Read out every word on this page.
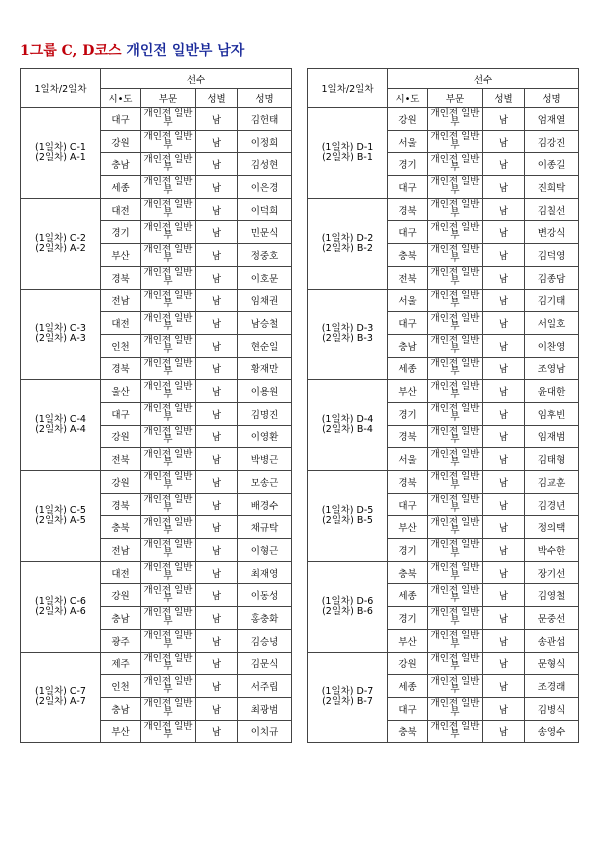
1그룹 C, D코스 개인전 일반부 남자
1일차/2일차	선수			
	시•도	부문	성별	성명

(1일차) C-1
(2일차) A-1	대구	개인전 일반부	남	김헌태
	강원	개인전 일반부	남	이정희
	충남	개인전 일반부	남	김성현
	세종	개인전 일반부	남	이은경

(1일차) C-2
(2일차) A-2	대전	개인전 일반부	남	이덕희
	경기	개인전 일반부	남	민문식
	부산	개인전 일반부	남	정중호
	경북	개인전 일반부	남	이호문

(1일차) C-3
(2일차) A-3	전남	개인전 일반부	남	임채권
	대전	개인전 일반부	남	남승철
	인천	개인전 일반부	남	현순일
	경북	개인전 일반부	남	황재만

(1일차) C-4
(2일차) A-4	울산	개인전 일반부	남	이용원
	대구	개인전 일반부	남	김명진
	강원	개인전 일반부	남	이영환
	전북	개인전 일반부	남	박병근

(1일차) C-5
(2일차) A-5	강원	개인전 일반부	남	모송근
	경북	개인전 일반부	남	배경수
	충북	개인전 일반부	남	채규탁
	전남	개인전 일반부	남	이형근

(1일차) C-6
(2일차) A-6	대전	개인전 일반부	남	최재영
	강원	개인전 일반부	남	이동성
	충남	개인전 일반부	남	홍충화
	광주	개인전 일반부	남	김승녕

(1일차) C-7
(2일차) A-7	제주	개인전 일반부	남	김문식
	인천	개인전 일반부	남	서주립
	충남	개인전 일반부	남	최광범
	부산	개인전 일반부	남	이치규
1일차/2일차	선수			
	시•도	부문	성별	성명

(1일차) D-1
(2일차) B-1	강원	개인전 일반부	남	엄재열
	서울	개인전 일반부	남	김강진
	경기	개인전 일반부	남	이종길
	대구	개인전 일반부	남	진희탁

(1일차) D-2
(2일차) B-2	경북	개인전 일반부	남	김칠선
	대구	개인전 일반부	남	변강식
	충북	개인전 일반부	남	김덕영
	전북	개인전 일반부	남	김종담

(1일차) D-3
(2일차) B-3	서울	개인전 일반부	남	김기태
	대구	개인전 일반부	남	서일호
	충남	개인전 일반부	남	이찬영
	세종	개인전 일반부	남	조영남

(1일차) D-4
(2일차) B-4	부산	개인전 일반부	남	윤대한
	경기	개인전 일반부	남	임후빈
	경북	개인전 일반부	남	임재범
	서울	개인전 일반부	남	김태형

(1일차) D-5
(2일차) B-5	경북	개인전 일반부	남	김교훈
	대구	개인전 일반부	남	김경년
	부산	개인전 일반부	남	정의택
	경기	개인전 일반부	남	박수한

(1일차) D-6
(2일차) B-6	충북	개인전 일반부	남	장기선
	세종	개인전 일반부	남	김영철
	경기	개인전 일반부	남	문중선
	부산	개인전 일반부	남	송관섭

(1일차) D-7
(2일차) B-7	강원	개인전 일반부	남	문형식
	세종	개인전 일반부	남	조경래
	대구	개인전 일반부	남	김병식
	충북	개인전 일반부	남	송영수
